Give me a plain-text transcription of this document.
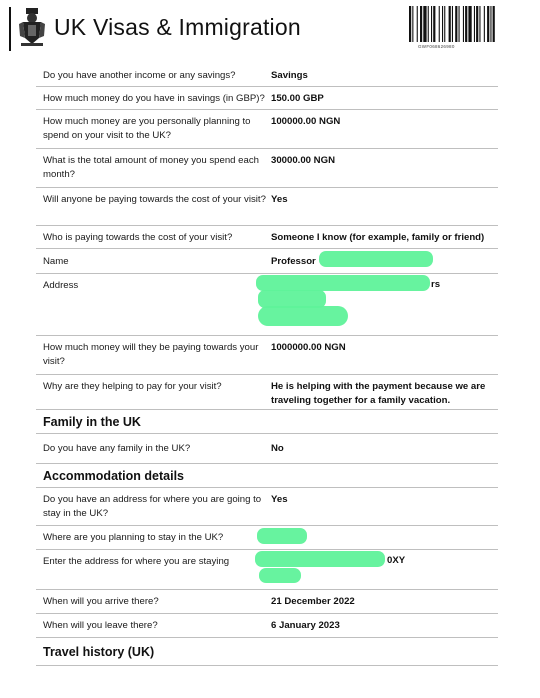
UK Visas & Immigration
GWF068626980
Do you have another income or any savings?	Savings
How much money do you have in savings (in GBP)? 150.00 GBP
How much money are you personally planning to spend on your visit to the UK?
100000.00 NGN
What is the total amount of money you spend each month?
30000.00 NGN
Will anyone be paying towards the cost of your visit? Yes
Who is paying towards the cost of your visit?	Someone I know (for example, family or friend)
Name	Professor
Address	rs
How much money will they be paying towards your visit?
1000000.00 NGN
Why are they helping to pay for your visit?	He is helping with the payment because we are traveling together for a family vacation.
Family in the UK
Do you have any family in the UK?	No
Accommodation details
Do you have an address for where you are going to stay in the UK?
Yes
Where are you planning to stay in the UK?
Enter the address for where you are staying	0XY
When will you arrive there?	21 December 2022
When will you leave there?	6 January 2023
Travel history (UK)
